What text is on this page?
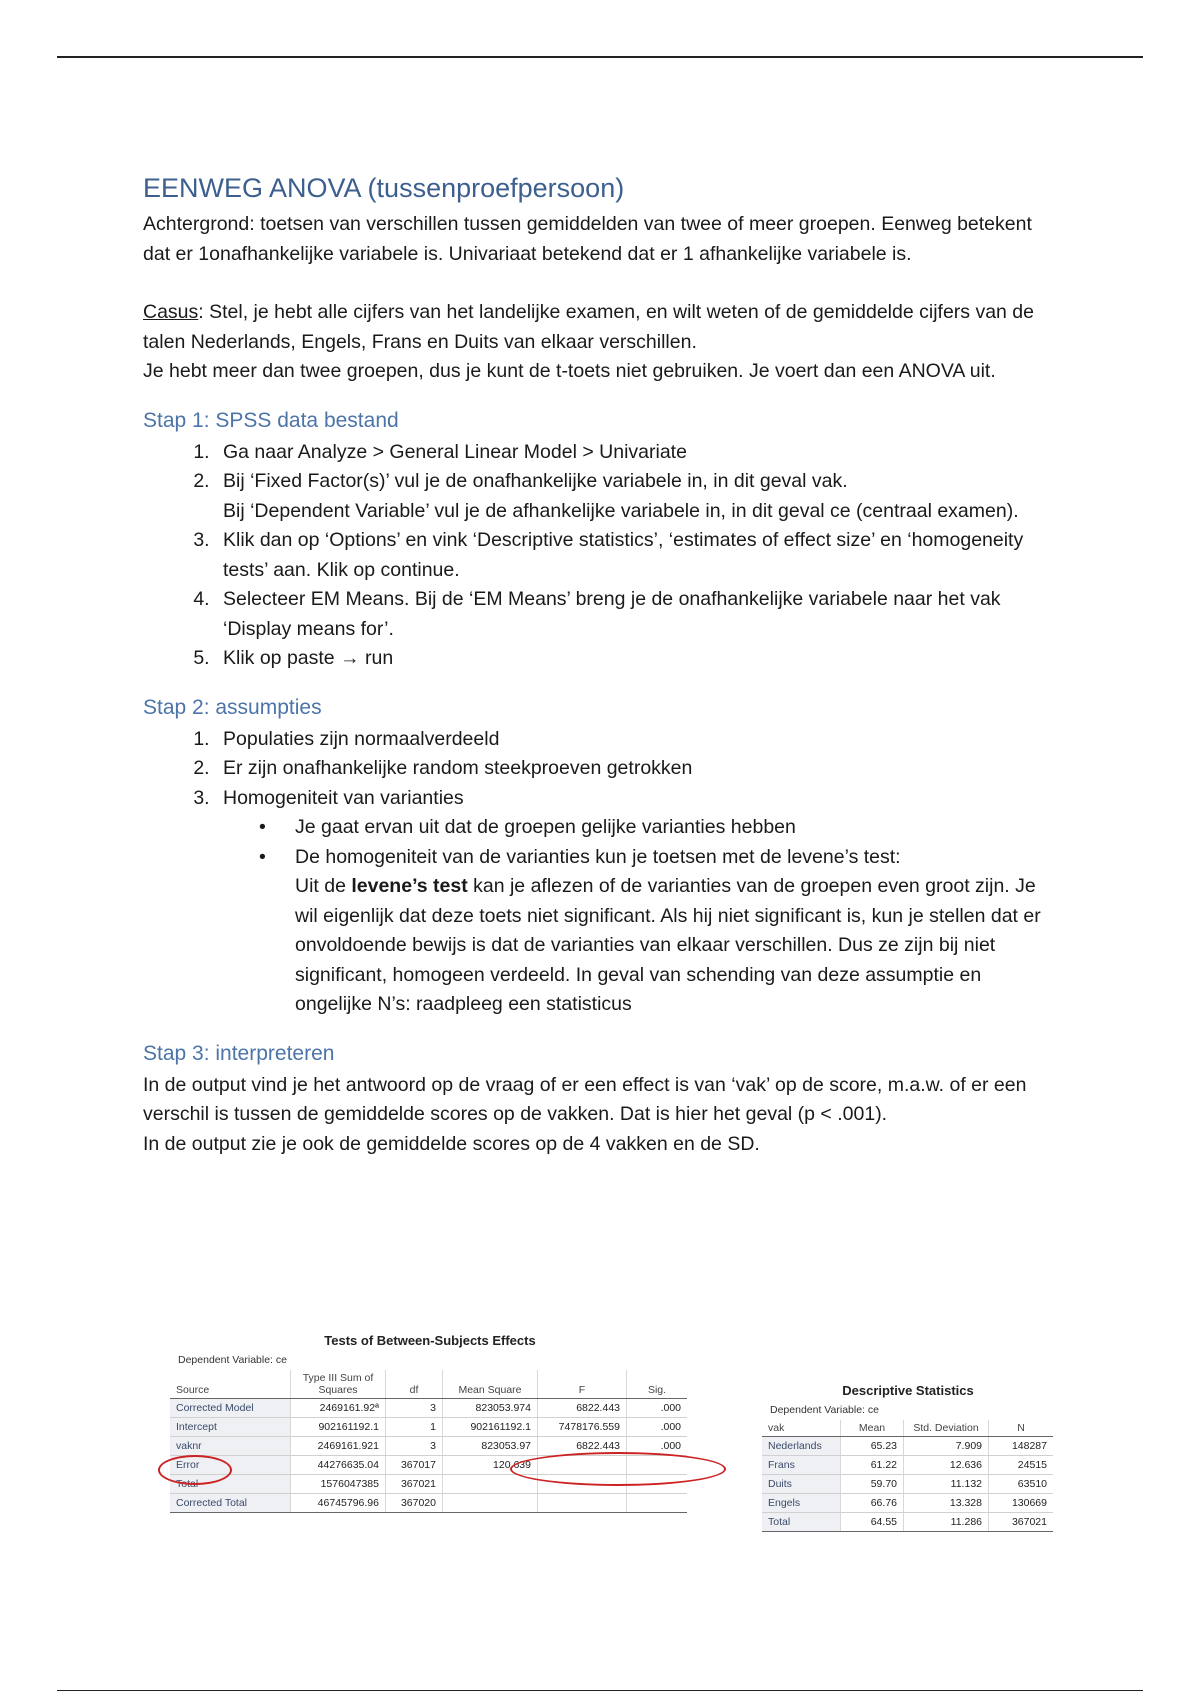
EENWEG ANOVA (tussenproefpersoon)

Achtergrond: toetsen van verschillen tussen gemiddelden van twee of meer groepen. Eenweg betekent dat er 1onafhankelijke variabele is. Univariaat betekend dat er 1 afhankelijke variabele is.

Casus: Stel, je hebt alle cijfers van het landelijke examen, en wilt weten of de gemiddelde cijfers van de talen Nederlands, Engels, Frans en Duits van elkaar verschillen.

Je hebt meer dan twee groepen, dus je kunt de t-toets niet gebruiken. Je voert dan een ANOVA uit.

Stap 1: SPSS data bestand
1. Ga naar Analyze > General Linear Model > Univariate
2. Bij ‘Fixed Factor(s)’ vul je de onafhankelijke variabele in, in dit geval vak.
Bij ‘Dependent Variable’ vul je de afhankelijke variabele in, in dit geval ce (centraal examen).
3. Klik dan op ‘Options’ en vink ‘Descriptive statistics’, ‘estimates of effect size’ en ‘homogeneity tests’ aan. Klik op continue.
4. Selecteer EM Means. Bij de ‘EM Means’ breng je de onafhankelijke variabele naar het vak ‘Display means for’.
5. Klik op paste → run
Stap 2: assumpties
1. Populaties zijn normaalverdeeld
2. Er zijn onafhankelijke random steekproeven getrokken
3. Homogeniteit van varianties
• Je gaat ervan uit dat de groepen gelijke varianties hebben
• De homogeniteit van de varianties kun je toetsen met de levene’s test:
Uit de levene’s test kan je aflezen of de varianties van de groepen even groot zijn. Je wil eigenlijk dat deze toets niet significant. Als hij niet significant is, kun je stellen dat er onvoldoende bewijs is dat de varianties van elkaar verschillen. Dus ze zijn bij niet significant, homogeen verdeeld. In geval van schending van deze assumptie en ongelijke N’s: raadpleeg een statisticus
Stap 3: interpreteren

In de output vind je het antwoord op de vraag of er een effect is van ‘vak’ op de score, m.a.w. of er een verschil is tussen de gemiddelde scores op de vakken. Dat is hier het geval (p < .001).

In de output zie je ook de gemiddelde scores op de 4 vakken en de SD.

Tests of Between-Subjects Effects
Dependent Variable: ce
Source	Type III Sum of Squares	df	Mean Square	F	Sig.
Corrected Model	2469161.92ª	3	823053.974	6822.443	.000
Intercept	902161192.1	1	902161192.1	7478176.559	.000
vaknr	2469161.921	3	823053.97	6822.443	.000
Error	44276635.04	367017	120.639		
Total	1576047385	367021			
Corrected Total	46745796.96	367020			
Descriptive Statistics
Dependent Variable: ce
vak	Mean	Std. Deviation	N
Nederlands	65.23	7.909	148287
Frans	61.22	12.636	24515
Duits	59.70	11.132	63510
Engels	66.76	13.328	130669
Total	64.55	11.286	367021
